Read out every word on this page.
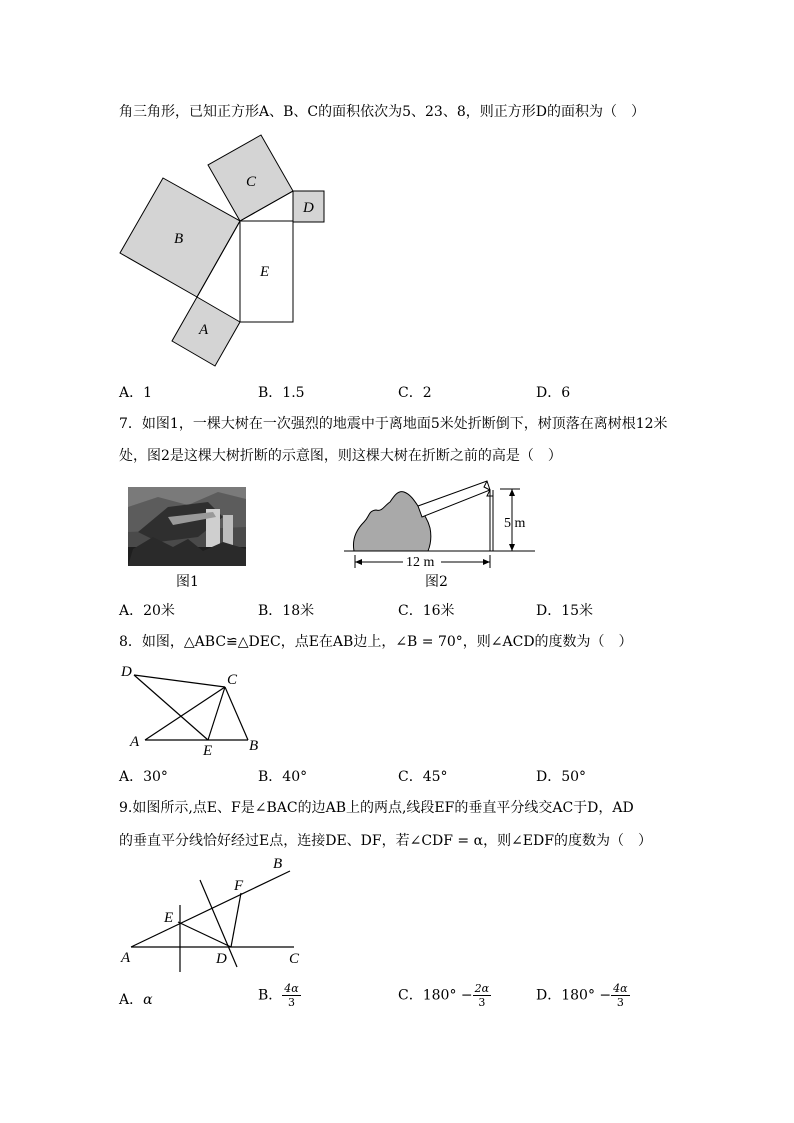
角三角形，已知正方形A、B、C的面积依次为5、23、8，则正方形D的面积为（　）
C
B
D
E
A
A．1	B．1.5	C．2	D．6
7．如图1，一棵大树在一次强烈的地震中于离地面5米处折断倒下，树顶落在离树根12米
处，图2是这棵大树折断的示意图，则这棵大树在折断之前的高是（　）
图1
5 m
12 m
图2
A．20米	B．18米	C．16米	D．15米
8．如图，△ABC≌△DEC，点E在AB边上，∠B = 70°，则∠ACD的度数为（　）
D	C
A
E B
A．30°	B．40°	C．45°	D．50°
9.如图所示,点E、F是∠BAC的边AB上的两点,线段EF的垂直平分线交AC于D，AD
的垂直平分线恰好经过E点，连接DE、DF，若∠CDF = α，则∠EDF的度数为（　）
B
F
E
A	D	C
A．α	B． $\frac{4\alpha}{3}$	C．$180^\circ - \frac{2\alpha}{3}$	D．$180^\circ - \frac{4\alpha}{3}$
